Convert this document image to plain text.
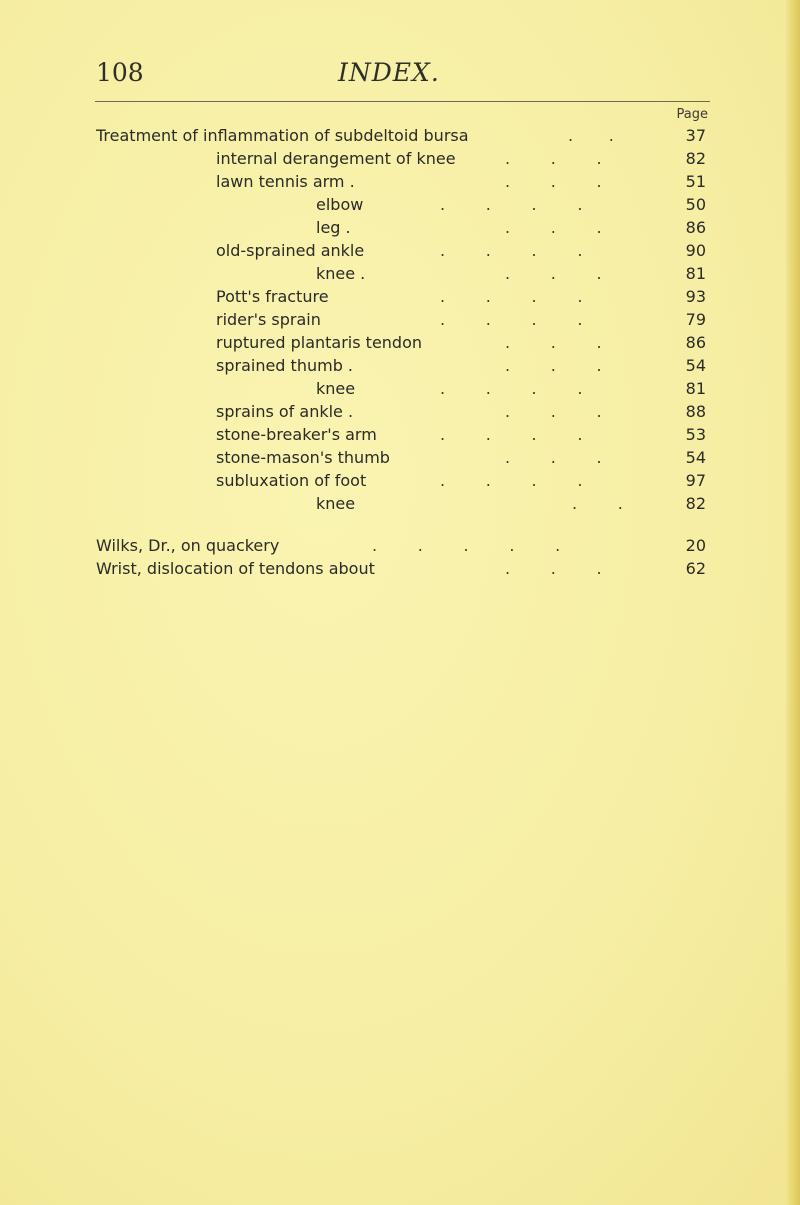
108	INDEX.
Page
Treatment of inflammation of subdeltoid bursa	.       .	37
internal derangement of knee	.        .        .	82
lawn tennis arm .	.        .        .	51
elbow	.        .        .        .	50
leg .	.        .        .	86
old-sprained ankle	.        .        .        .	90
knee .	.        .        .	81
Pott's fracture	.        .        .        .	93
rider's sprain	.        .        .        .	79
ruptured plantaris tendon	.        .        .	86
sprained thumb .	.        .        .	54
knee	.        .        .        .	81
sprains of ankle .	.        .        .	88
stone-breaker's arm	.        .        .        .	53
stone-mason's thumb	.        .        .	54
subluxation of foot	.        .        .        .	97
knee	.        .	82
Wilks, Dr., on quackery	.        .        .        .        .	20
Wrist, dislocation of tendons about	.        .        .	62
